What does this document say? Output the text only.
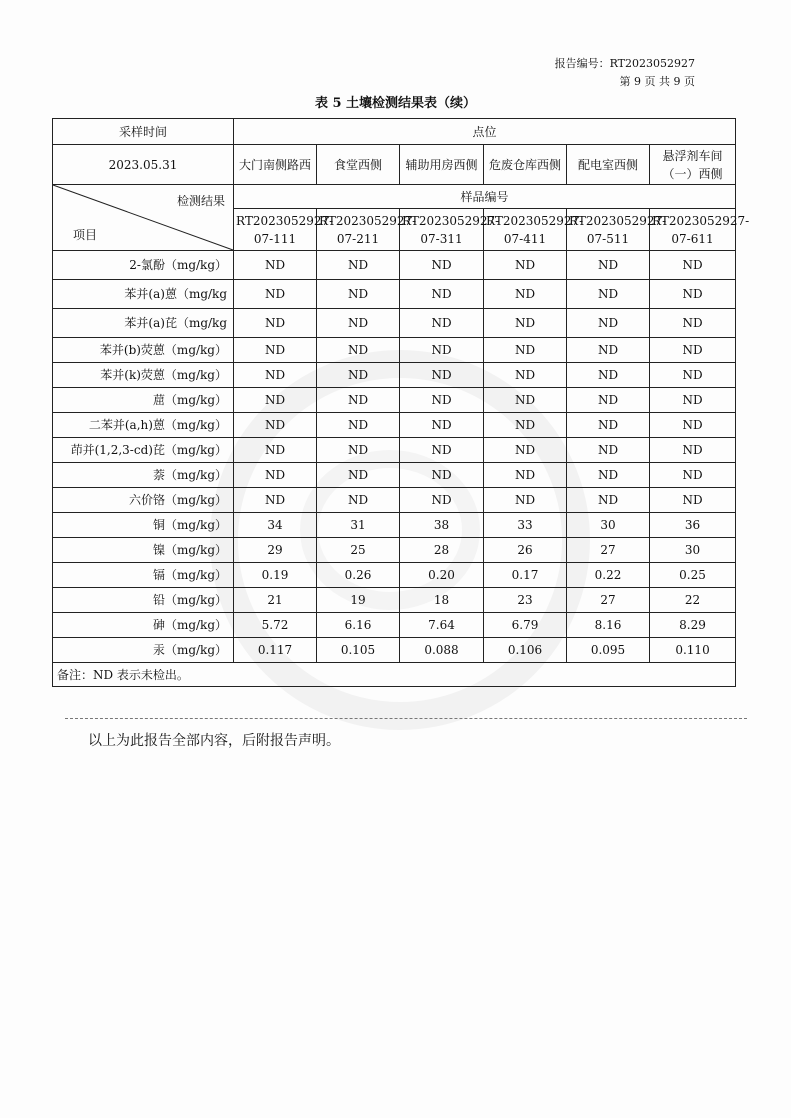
报告编号：RT2023052927
第 9 页 共 9 页
表 5 土壤检测结果表（续）
采样时间	点位					
2023.05.31	大门南侧路西	食堂西侧	辅助用房西侧	危废仓库西侧	配电室西侧	悬浮剂车间（一）西侧

检测结果
项目	样品编号					
	RT2023052927-07-111	RT2023052927-07-211	RT2023052927-07-311	RT2023052927-07-411	RT2023052927-07-511	RT2023052927-07-611
2-氯酚（mg/kg）	ND	ND	ND	ND	ND	ND
苯并(a)蒽（mg/kg	ND	ND	ND	ND	ND	ND
苯并(a)芘（mg/kg	ND	ND	ND	ND	ND	ND
苯并(b)荧蒽（mg/kg）	ND	ND	ND	ND	ND	ND
苯并(k)荧蒽（mg/kg）	ND	ND	ND	ND	ND	ND
䓛（mg/kg）	ND	ND	ND	ND	ND	ND
二苯并(a,h)蒽（mg/kg）	ND	ND	ND	ND	ND	ND
茚并(1,2,3-cd)芘（mg/kg）	ND	ND	ND	ND	ND	ND
萘（mg/kg）	ND	ND	ND	ND	ND	ND
六价铬（mg/kg）	ND	ND	ND	ND	ND	ND
铜（mg/kg）	34	31	38	33	30	36
镍（mg/kg）	29	25	28	26	27	30
镉（mg/kg）	0.19	0.26	0.20	0.17	0.22	0.25
铅（mg/kg）	21	19	18	23	27	22
砷（mg/kg）	5.72	6.16	7.64	6.79	8.16	8.29
汞（mg/kg）	0.117	0.105	0.088	0.106	0.095	0.110
备注：ND 表示未检出。						
以上为此报告全部内容，后附报告声明。
